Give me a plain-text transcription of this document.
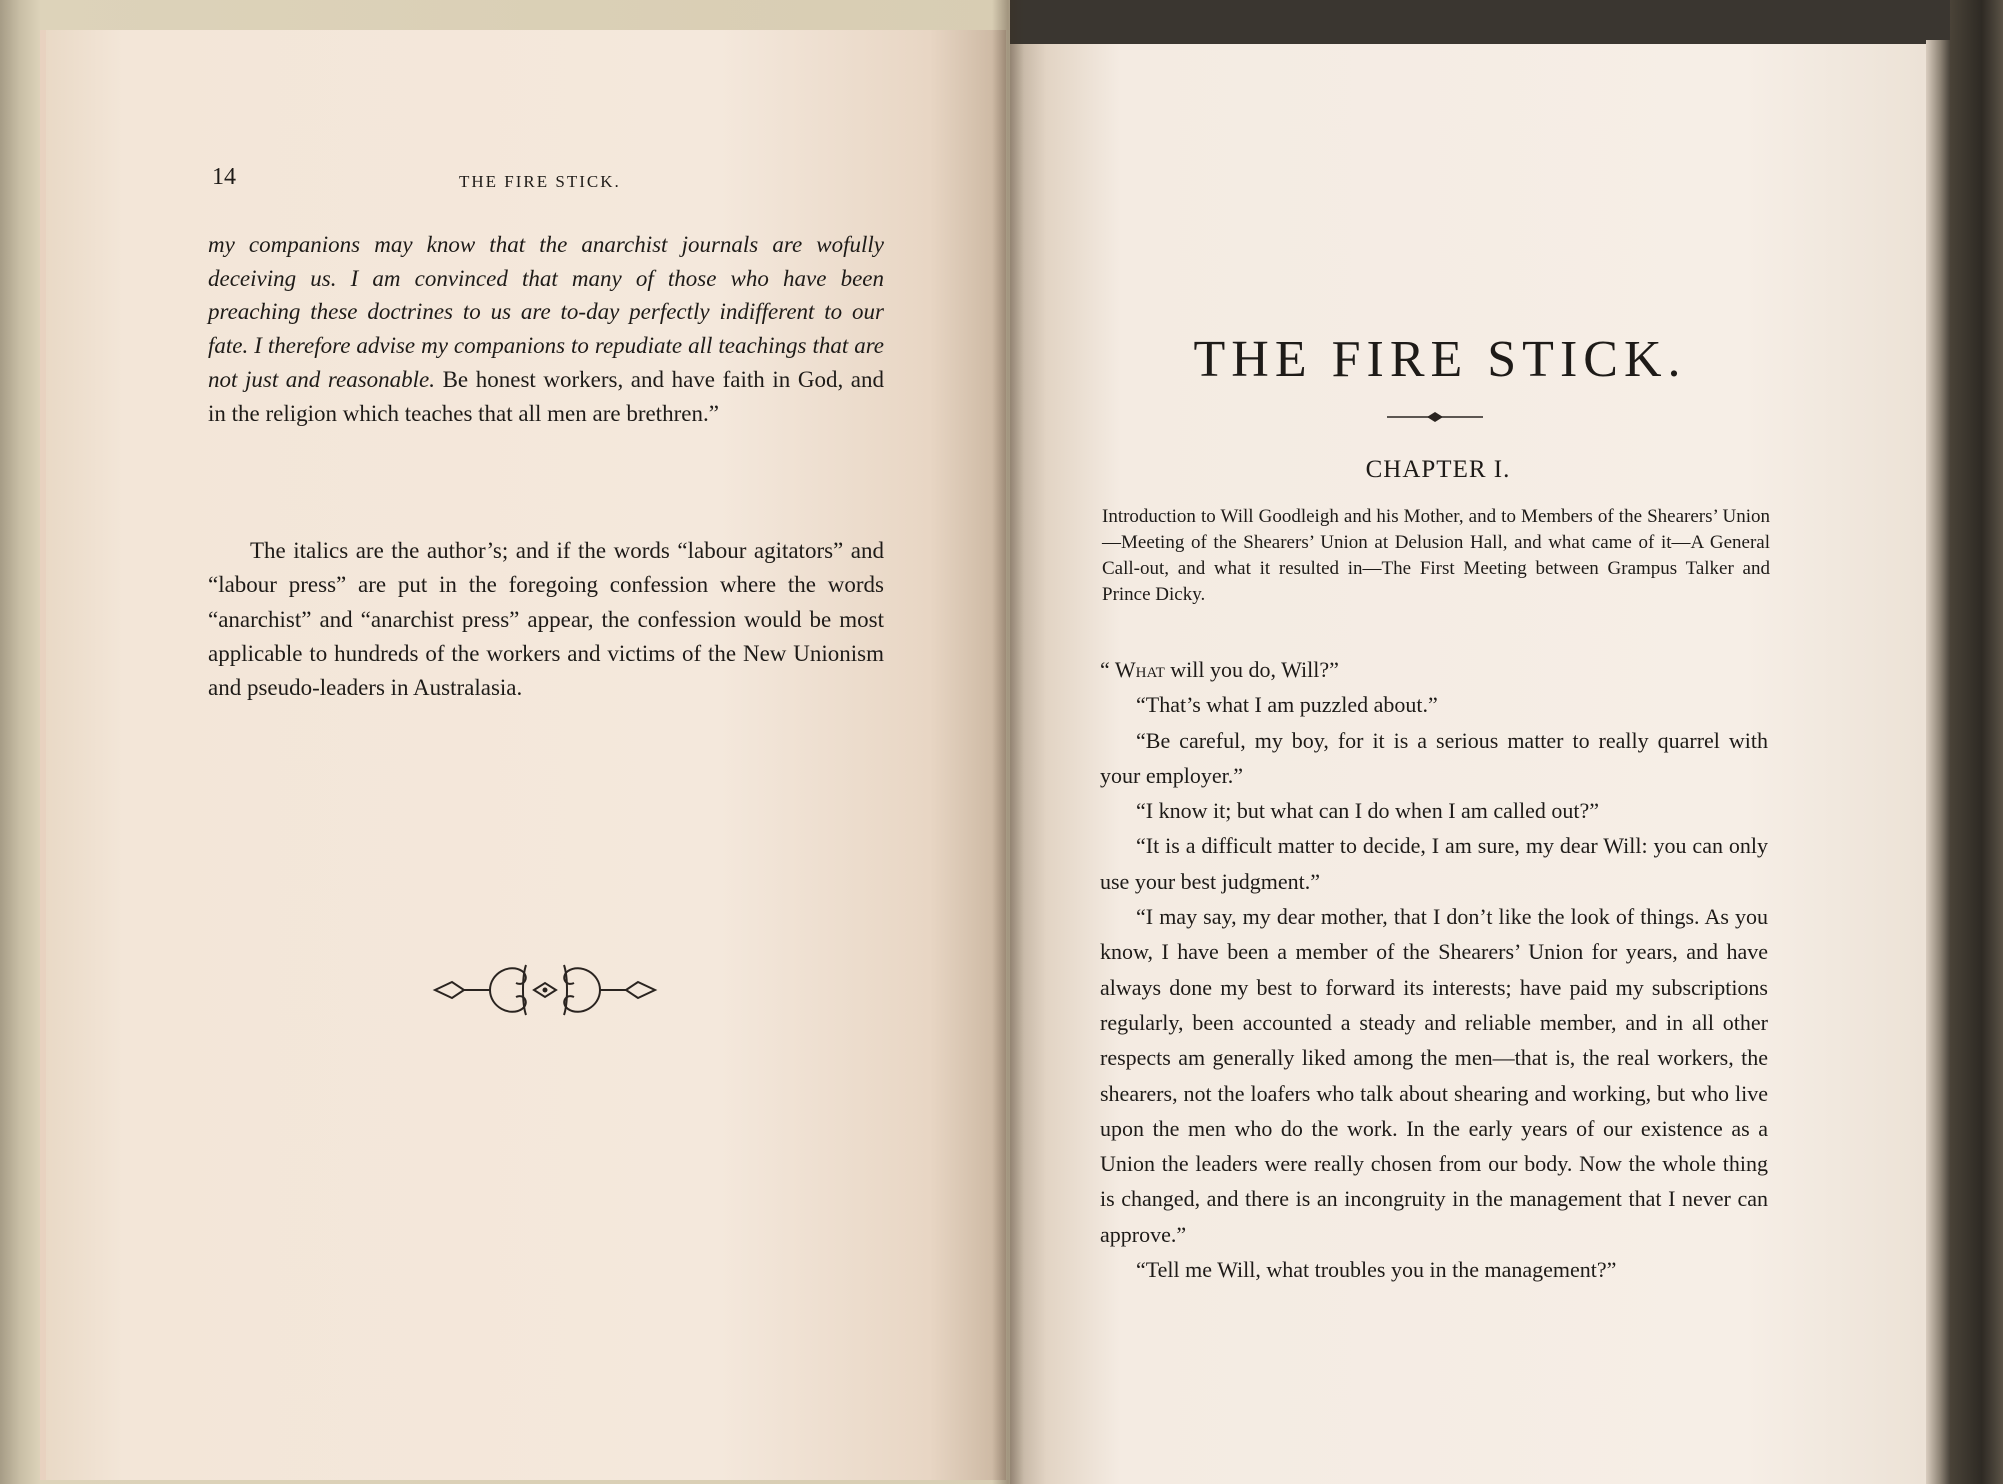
14	THE FIRE STICK.

my companions may know that the anarchist journals are wofully deceiving us. I am convinced that many of those who have been preaching these doctrines to us are to-day perfectly indifferent to our fate. I therefore advise my companions to repudiate all teachings that are not just and reasonable. Be honest workers, and have faith in God, and in the religion which teaches that all men are brethren.”

The italics are the author’s; and if the words “labour agitators” and “labour press” are put in the foregoing confession where the words “anarchist” and “anarchist press” appear, the confession would be most applicable to hundreds of the workers and victims of the New Unionism and pseudo-leaders in Australasia.

THE FIRE STICK.
CHAPTER I.

Introduction to Will Goodleigh and his Mother, and to Members of the Shearers’ Union—Meeting of the Shearers’ Union at Delusion Hall, and what came of it—A General Call-out, and what it resulted in—The First Meeting between Grampus Talker and Prince Dicky.

“ What will you do, Will?”

“That’s what I am puzzled about.”

“Be careful, my boy, for it is a serious matter to really quarrel with your employer.”

“I know it; but what can I do when I am called out?”

“It is a difficult matter to decide, I am sure, my dear Will: you can only use your best judgment.”

“I may say, my dear mother, that I don’t like the look of things. As you know, I have been a member of the Shearers’ Union for years, and have always done my best to forward its interests; have paid my subscriptions regularly, been accounted a steady and reliable member, and in all other respects am generally liked among the men—that is, the real workers, the shearers, not the loafers who talk about shearing and working, but who live upon the men who do the work. In the early years of our existence as a Union the leaders were really chosen from our body. Now the whole thing is changed, and there is an incongruity in the management that I never can approve.”

“Tell me Will, what troubles you in the management?”
